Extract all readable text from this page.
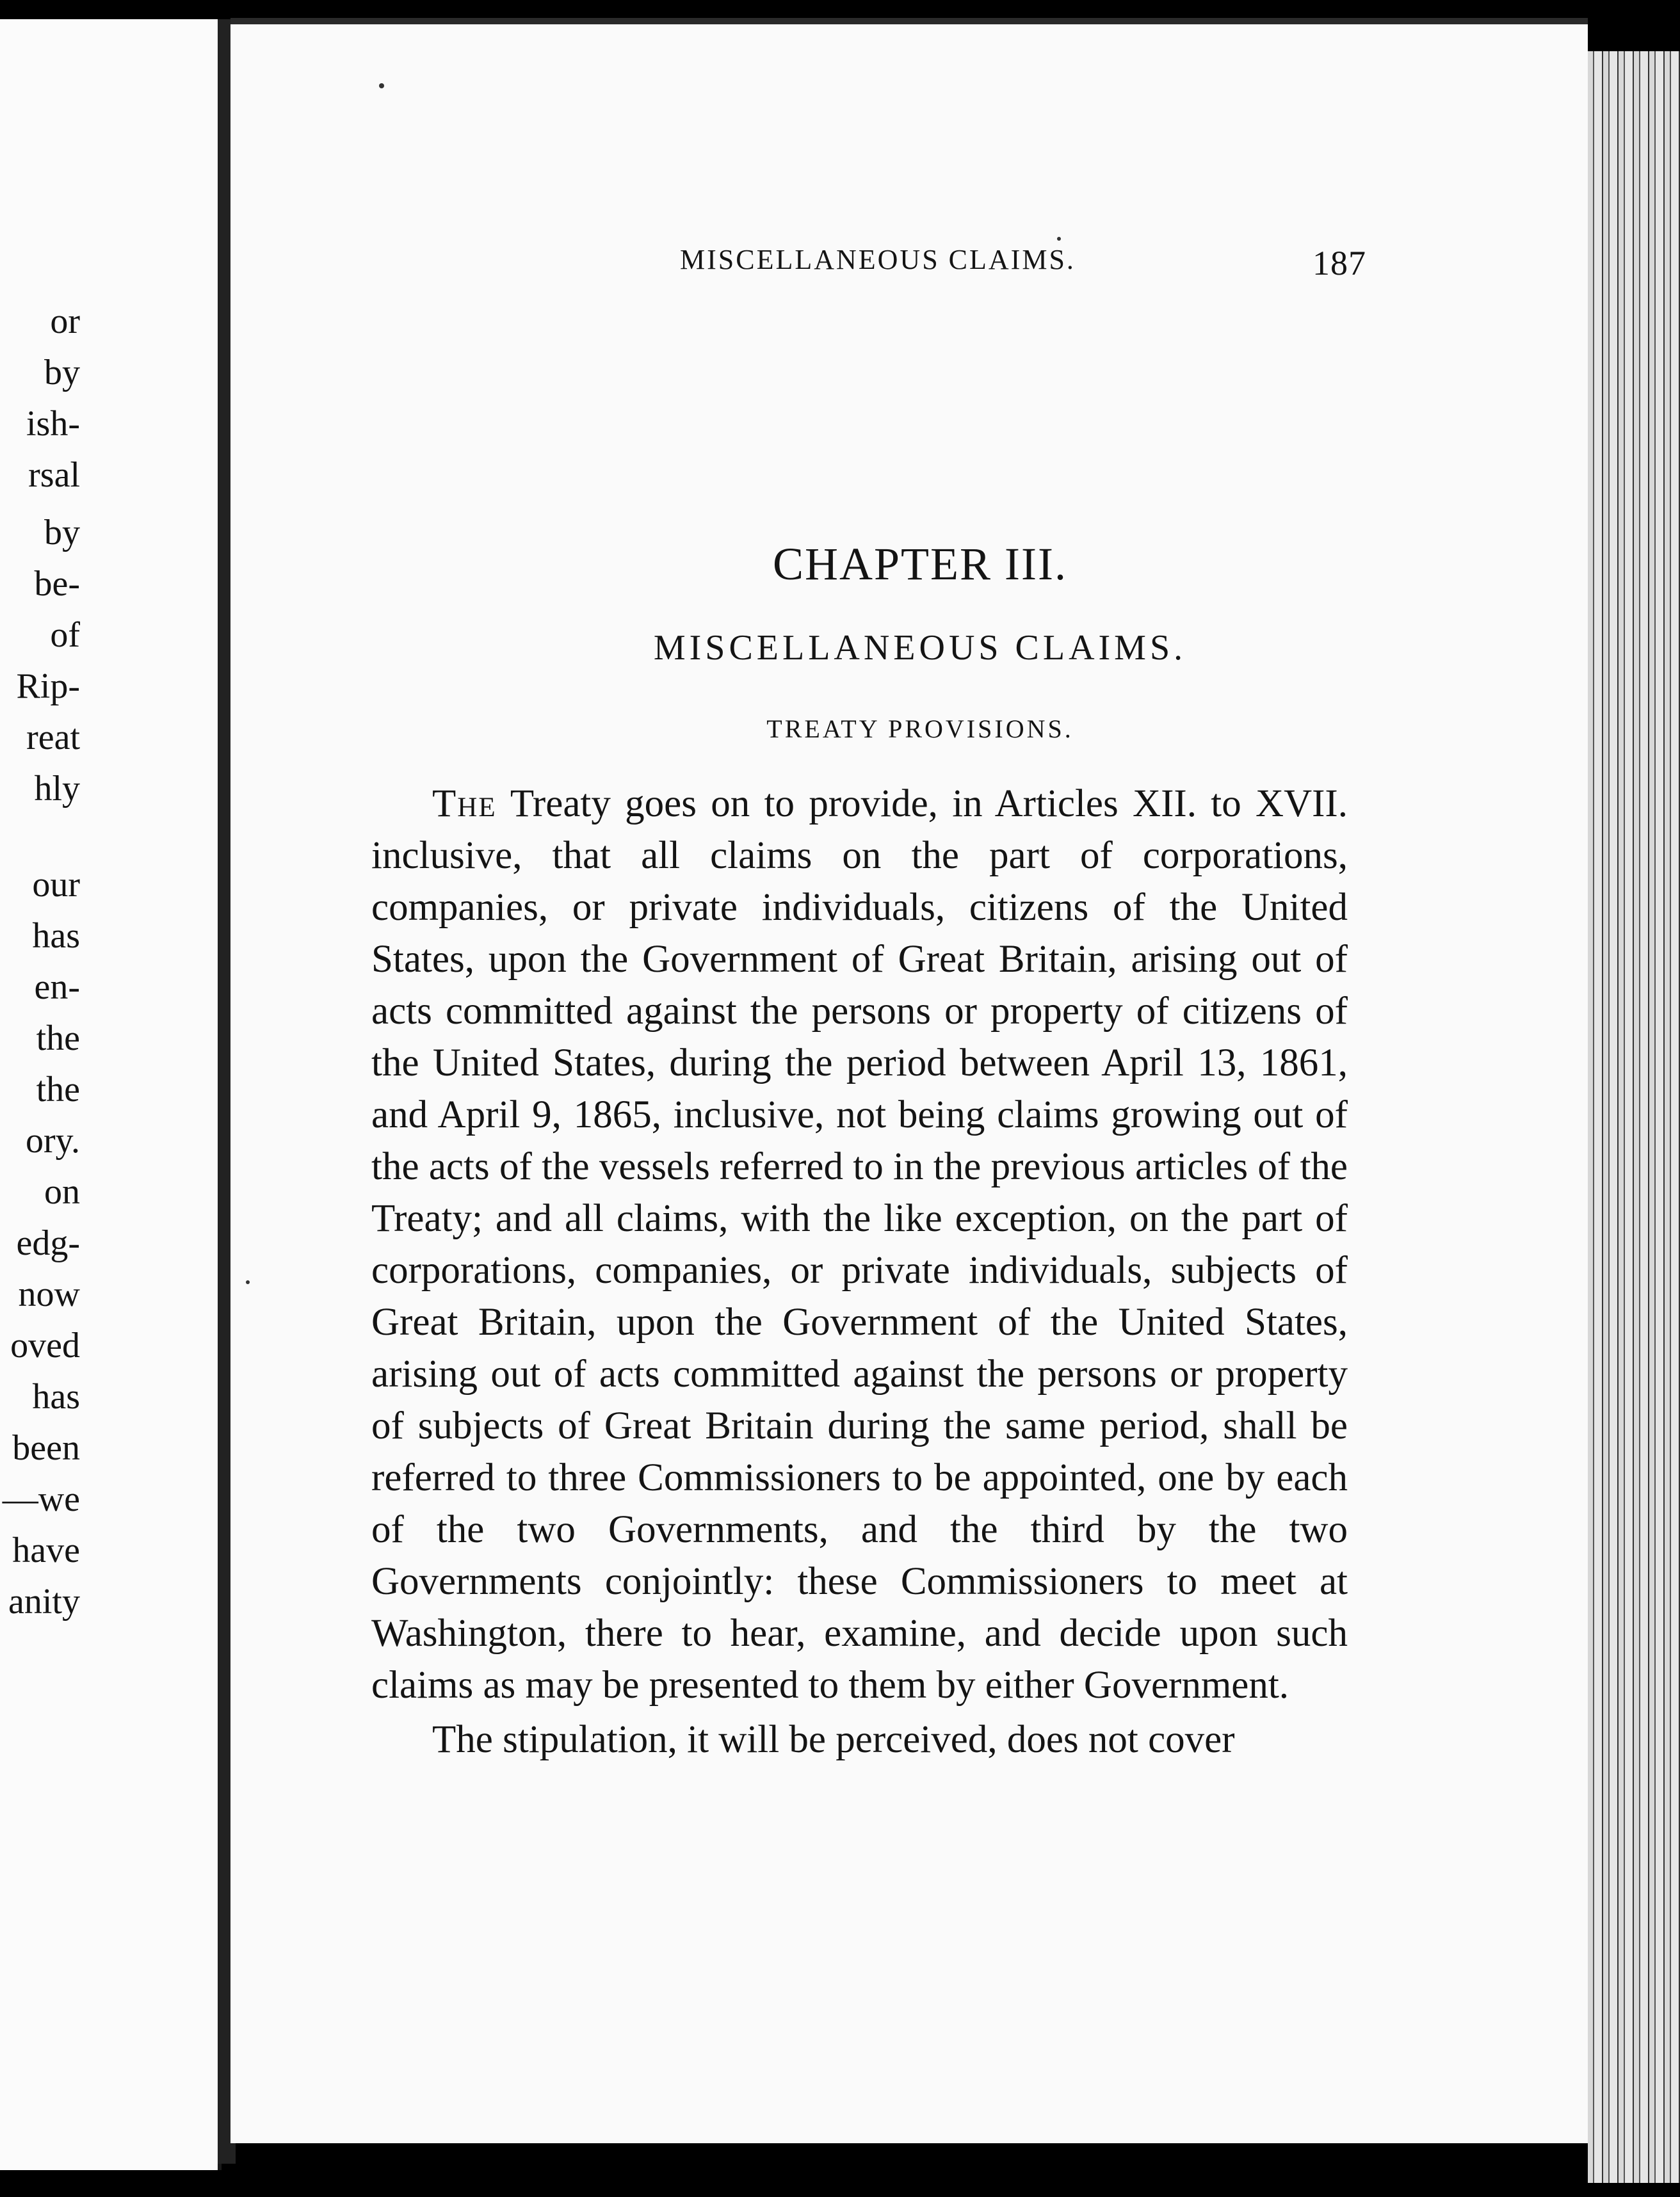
or
by
ish-
rsal
by
be-
of
Rip-
reat
hly
our
has
en-
the
the
ory.
on
edg-
now
oved
has
been
—we
have
anity
MISCELLANEOUS CLAIMS.	187
CHAPTER III.
MISCELLANEOUS CLAIMS.
TREATY PROVISIONS.

The Treaty goes on to provide, in Articles XII. to XVII. inclusive, that all claims on the part of corporations, companies, or private individuals, citizens of the United States, upon the Government of Great Britain, arising out of acts committed against the persons or property of citizens of the United States, during the period between April 13, 1861, and April 9, 1865, inclusive, not being claims growing out of the acts of the vessels referred to in the previous articles of the Treaty; and all claims, with the like exception, on the part of corporations, companies, or private individuals, subjects of Great Britain, upon the Government of the United States, arising out of acts committed against the persons or property of subjects of Great Britain during the same period, shall be referred to three Commissioners to be appointed, one by each of the two Governments, and the third by the two Governments conjointly: these Commissioners to meet at Washington, there to hear, examine, and decide upon such claims as may be presented to them by either Government.

The stipulation, it will be perceived, does not cover
